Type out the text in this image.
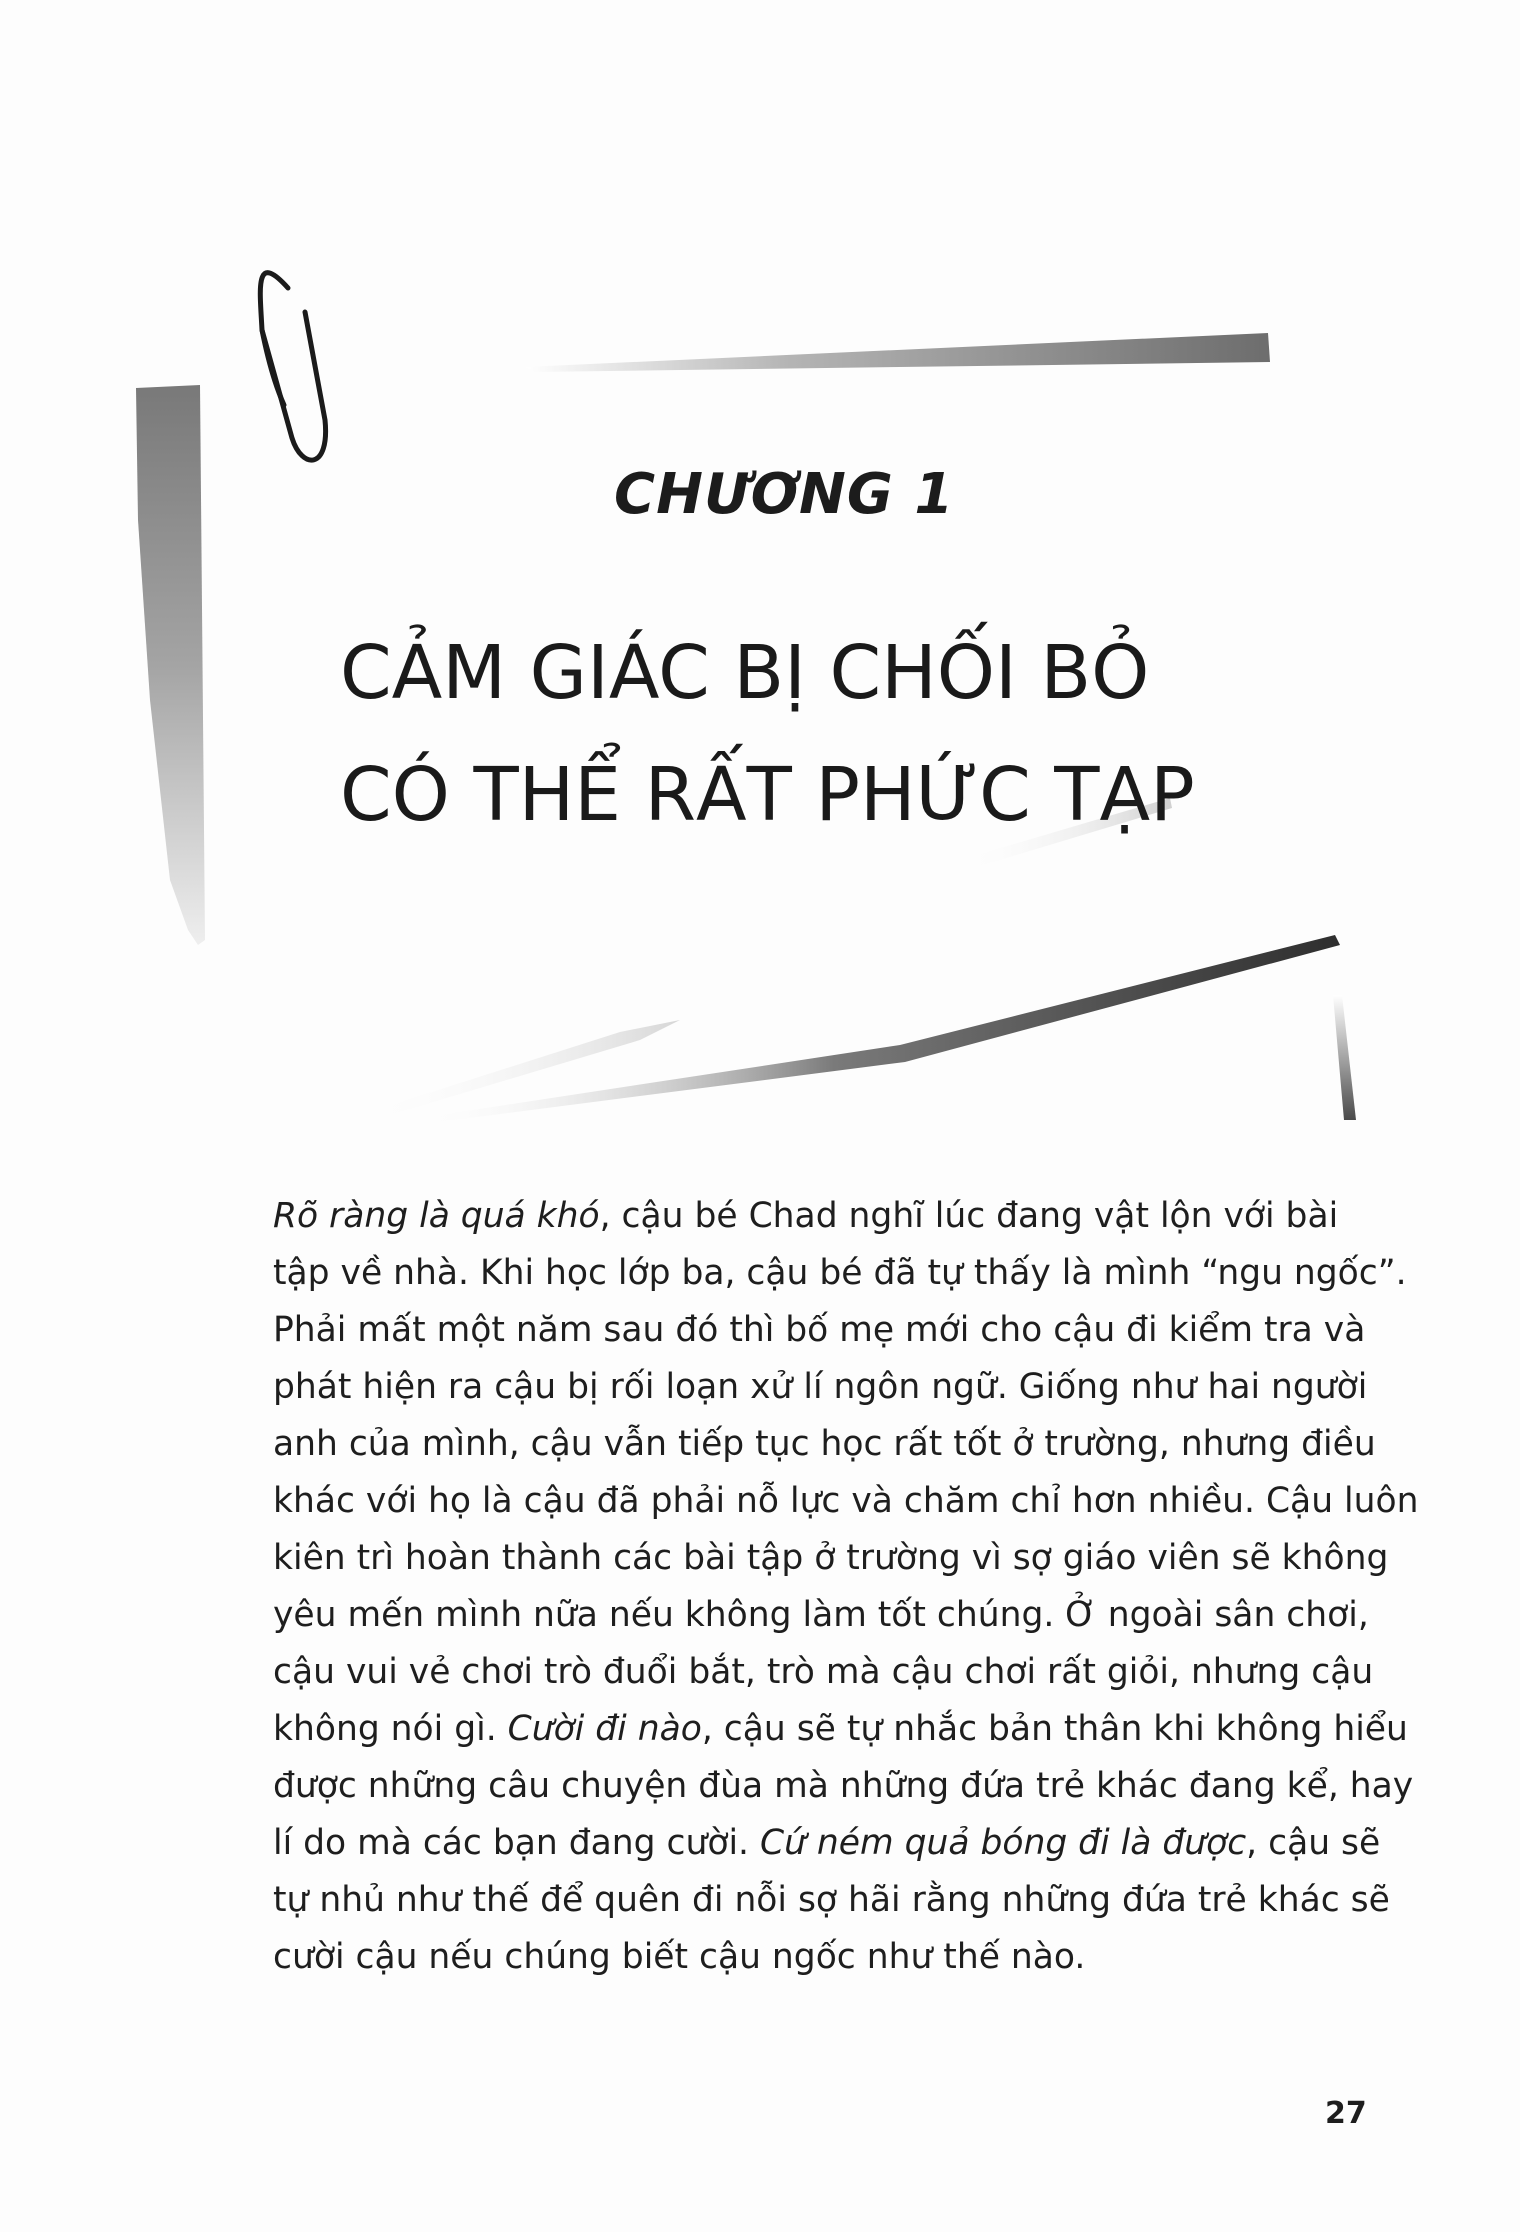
CHƯƠNG 1
CẢM GIÁC BỊ CHỐI BỎ
CÓ THỂ RẤT PHỨC TẠP
Rõ ràng là quá khó, cậu bé Chad nghĩ lúc đang vật lộn với bài
tập về nhà. Khi học lớp ba, cậu bé đã tự thấy là mình “ngu ngốc”.
Phải mất một năm sau đó thì bố mẹ mới cho cậu đi kiểm tra và
phát hiện ra cậu bị rối loạn xử lí ngôn ngữ. Giống như hai người
anh của mình, cậu vẫn tiếp tục học rất tốt ở trường, nhưng điều
khác với họ là cậu đã phải nỗ lực và chăm chỉ hơn nhiều. Cậu luôn
kiên trì hoàn thành các bài tập ở trường vì sợ giáo viên sẽ không
yêu mến mình nữa nếu không làm tốt chúng. Ở ngoài sân chơi,
cậu vui vẻ chơi trò đuổi bắt, trò mà cậu chơi rất giỏi, nhưng cậu
không nói gì. Cười đi nào, cậu sẽ tự nhắc bản thân khi không hiểu
được những câu chuyện đùa mà những đứa trẻ khác đang kể, hay
lí do mà các bạn đang cười. Cứ ném quả bóng đi là được, cậu sẽ
tự nhủ như thế để quên đi nỗi sợ hãi rằng những đứa trẻ khác sẽ
cười cậu nếu chúng biết cậu ngốc như thế nào.
27
